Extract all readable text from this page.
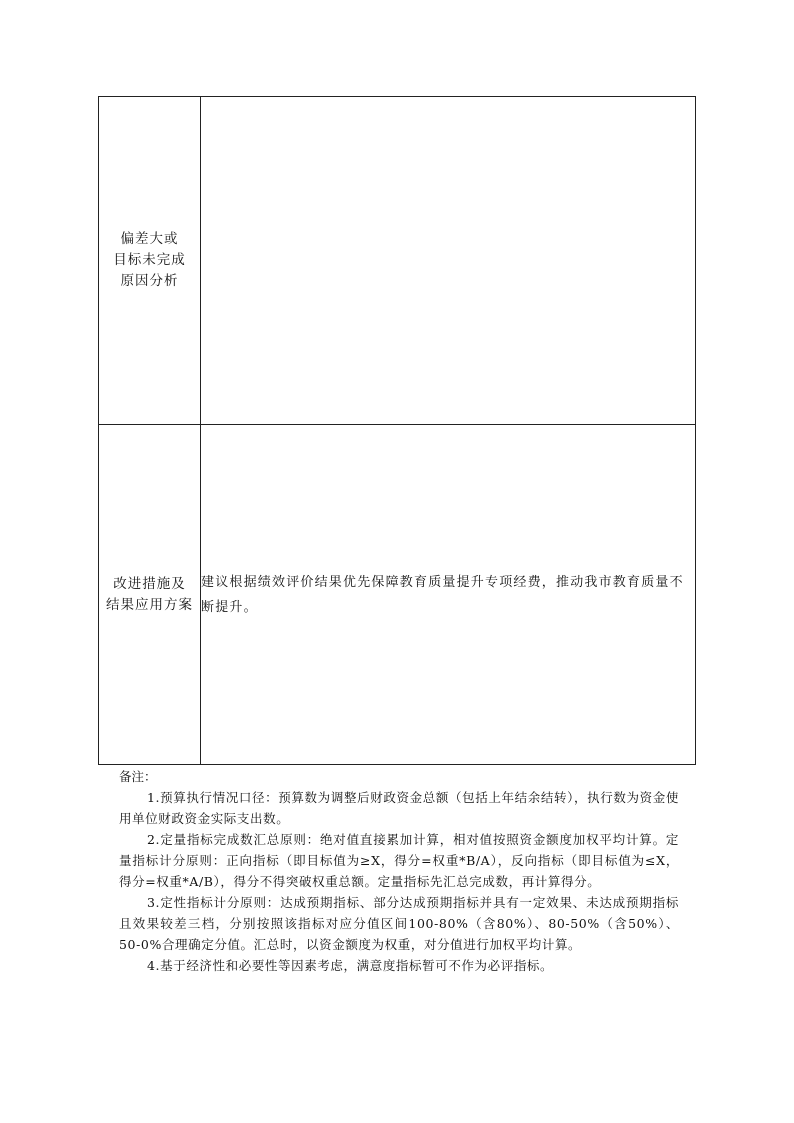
偏差大或
目标未完成
原因分析	

改进措施及
结果应用方案	建议根据绩效评价结果优先保障教育质量提升专项经费，推动我市教育质量不断提升。
备注：

1.预算执行情况口径：预算数为调整后财政资金总额（包括上年结余结转），执行数为资金使用单位财政资金实际支出数。

2.定量指标完成数汇总原则：绝对值直接累加计算，相对值按照资金额度加权平均计算。定量指标计分原则：正向指标（即目标值为≥X，得分=权重*B/A），反向指标（即目标值为≤X，得分=权重*A/B），得分不得突破权重总额。定量指标先汇总完成数，再计算得分。

3.定性指标计分原则：达成预期指标、部分达成预期指标并具有一定效果、未达成预期指标且效果较差三档，分别按照该指标对应分值区间100-80%（含80%）、80-50%（含50%）、50-0%合理确定分值。汇总时，以资金额度为权重，对分值进行加权平均计算。

4.基于经济性和必要性等因素考虑，满意度指标暂可不作为必评指标。
